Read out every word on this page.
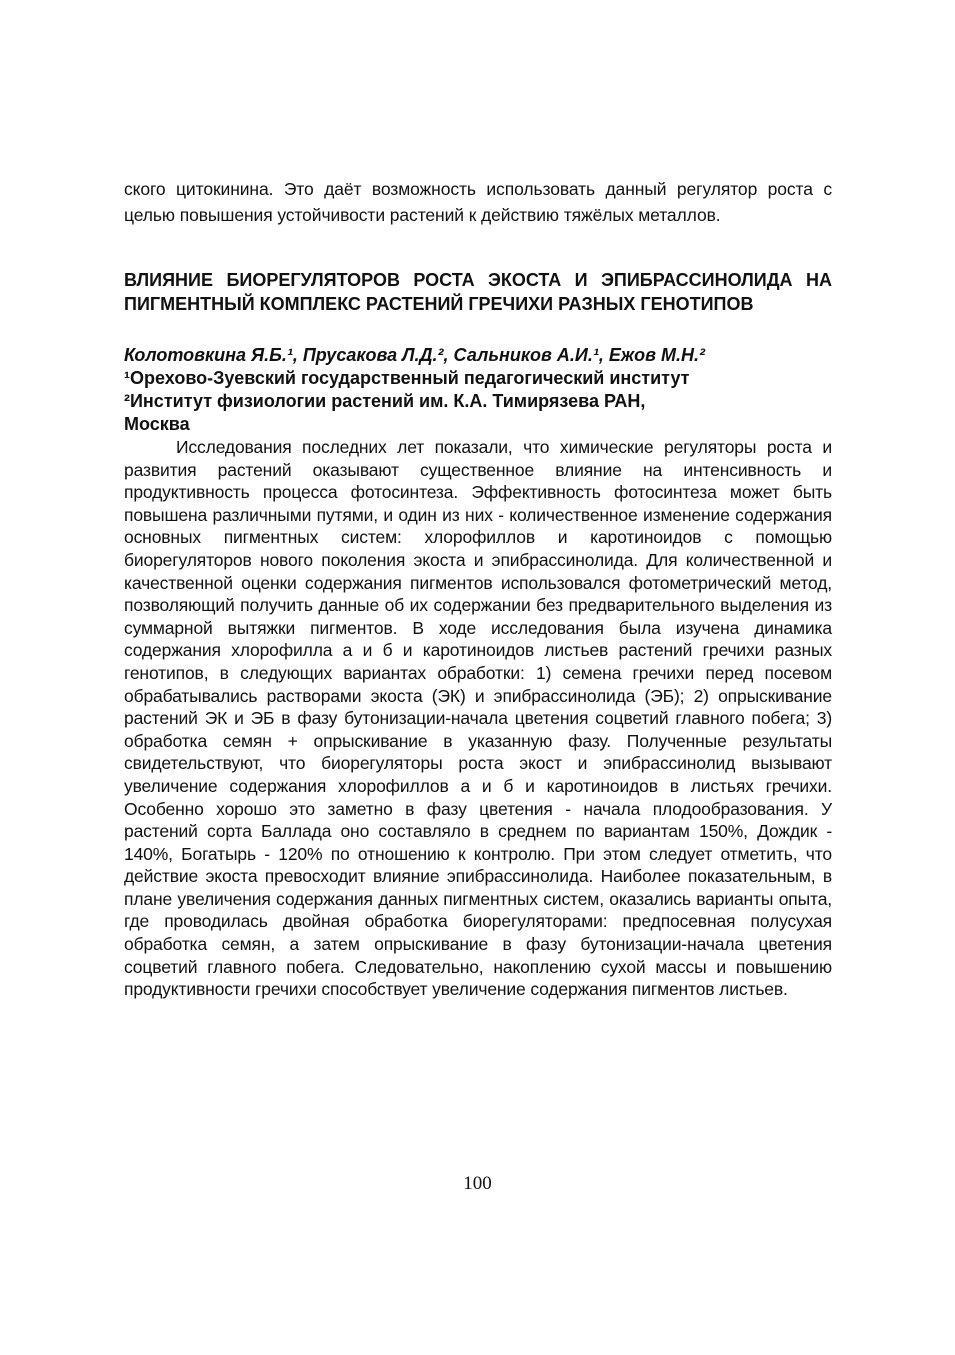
ского цитокинина. Это даёт возможность использовать данный регулятор роста с целью повышения устойчивости растений к действию тяжёлых металлов.

ВЛИЯНИЕ БИОРЕГУЛЯТОРОВ РОСТА ЭКОСТА И ЭПИБРАССИНОЛИДА НА ПИГМЕНТНЫЙ КОМПЛЕКС РАСТЕНИЙ ГРЕЧИХИ РАЗНЫХ ГЕНОТИПОВ
Колотовкина Я.Б.¹, Прусакова Л.Д.², Сальников А.И.¹, Ежов М.Н.²
¹Орехово-Зуевский государственный педагогический институт
²Институт физиологии растений им. К.А. Тимирязева РАН,
Москва

Исследования последних лет показали, что химические регуляторы роста и развития растений оказывают существенное влияние на интенсивность и продуктивность процесса фотосинтеза. Эффективность фотосинтеза может быть повышена различными путями, и один из них - количественное изменение содержания основных пигментных систем: хлорофиллов и каротиноидов с помощью биорегуляторов нового поколения экоста и эпибрассинолида. Для количественной и качественной оценки содержания пигментов использовался фотометрический метод, позволяющий получить данные об их содержании без предварительного выделения из суммарной вытяжки пигментов. В ходе исследования была изучена динамика содержания хлорофилла а и б и каротиноидов листьев растений гречихи разных генотипов, в следующих вариантах обработки: 1) семена гречихи перед посевом обрабатывались растворами экоста (ЭК) и эпибрассинолида (ЭБ); 2) опрыскивание растений ЭК и ЭБ в фазу бутонизации-начала цветения соцветий главного побега; 3) обработка семян + опрыскивание в указанную фазу. Полученные результаты свидетельствуют, что биорегуляторы роста экост и эпибрассинолид вызывают увеличение содержания хлорофиллов а и б и каротиноидов в листьях гречихи. Особенно хорошо это заметно в фазу цветения - начала плодообразования. У растений сорта Баллада оно составляло в среднем по вариантам 150%, Дождик - 140%, Богатырь - 120% по отношению к контролю. При этом следует отметить, что действие экоста превосходит влияние эпибрассинолида. Наиболее показательным, в плане увеличения содержания данных пигментных систем, оказались варианты опыта, где проводилась двойная обработка биорегуляторами: предпосевная полусухая обработка семян, а затем опрыскивание в фазу бутонизации-начала цветения соцветий главного побега. Следовательно, накоплению сухой массы и повышению продуктивности гречихи способствует увеличение содержания пигментов листьев.

100
